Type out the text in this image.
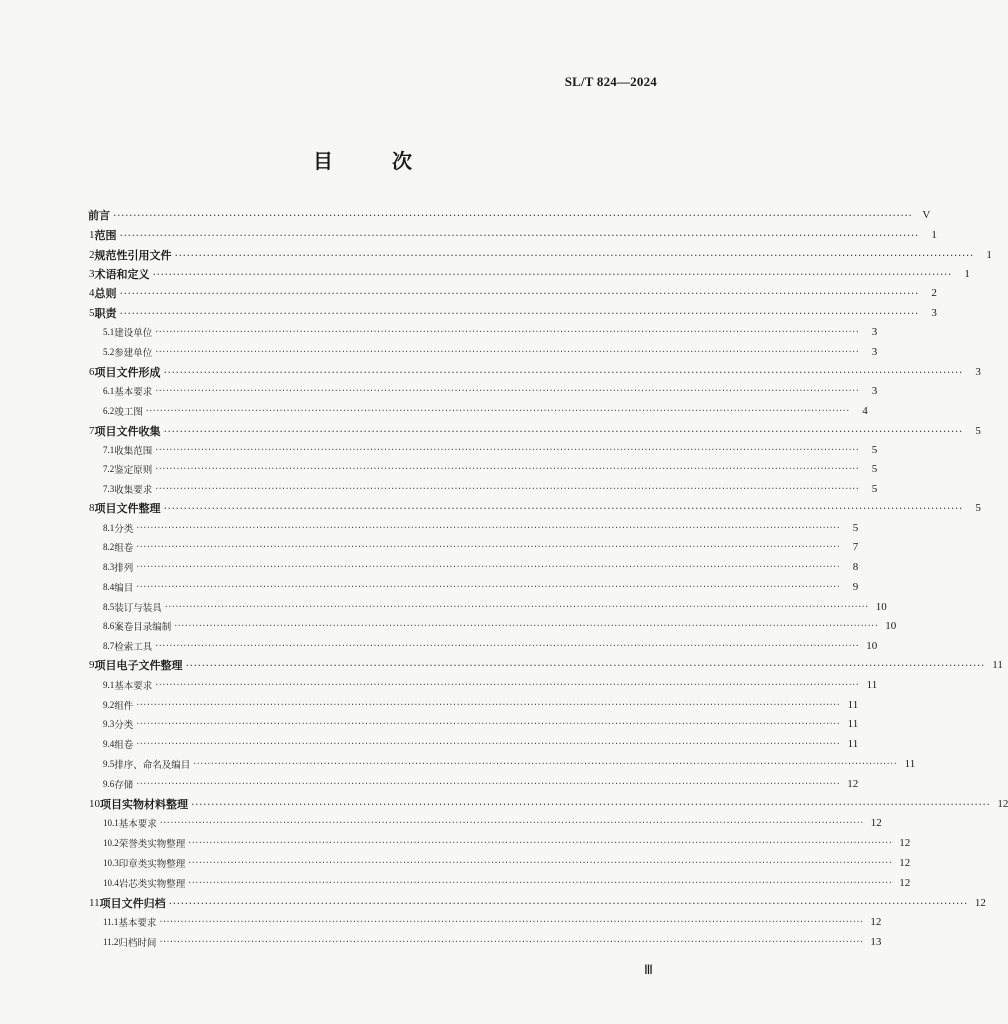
SL/T 824—2024
目 次
前言 ········································································································································································································ V
1 范围 ········································································································································································································	1
2 规范性引用文件 ········································································································································································································	1
3 术语和定义 ········································································································································································································	1
4 总则 ········································································································································································································	2
5 职责 ········································································································································································································	3
5.1 建设单位 ········································································································································································································	3
5.2 参建单位 ········································································································································································································	3
6 项目文件形成 ········································································································································································································	3
6.1 基本要求 ········································································································································································································	3
6.2 竣工图 ········································································································································································································	4
7 项目文件收集 ········································································································································································································	5
7.1 收集范围 ········································································································································································································	5
7.2 鉴定原则 ········································································································································································································	5
7.3 收集要求 ········································································································································································································	5
8 项目文件整理 ········································································································································································································	5
8.1 分类 ········································································································································································································	5
8.2 组卷 ········································································································································································································	7
8.3 排列 ········································································································································································································	8
8.4 编目 ········································································································································································································	9
8.5 装订与装具 ········································································································································································································ 10
8.6 案卷目录编制 ········································································································································································································ 10
8.7 检索工具 ········································································································································································································ 10
9 项目电子文件整理 ········································································································································································································ 11
9.1 基本要求 ········································································································································································································ 11
9.2 组件 ········································································································································································································ 11
9.3 分类 ········································································································································································································ 11
9.4 组卷 ········································································································································································································ 11
9.5 排序、命名及编目 ········································································································································································································ 11
9.6 存储 ········································································································································································································ 12
10 项目实物材料整理 ········································································································································································································ 12
10.1 基本要求 ········································································································································································································ 12
10.2 荣誉类实物整理 ········································································································································································································ 12
10.3 印章类实物整理 ········································································································································································································ 12
10.4 岩芯类实物整理 ········································································································································································································ 12
11 项目文件归档 ········································································································································································································ 12
11.1 基本要求 ········································································································································································································ 12
11.2 归档时间 ········································································································································································································ 13
Ⅲ
